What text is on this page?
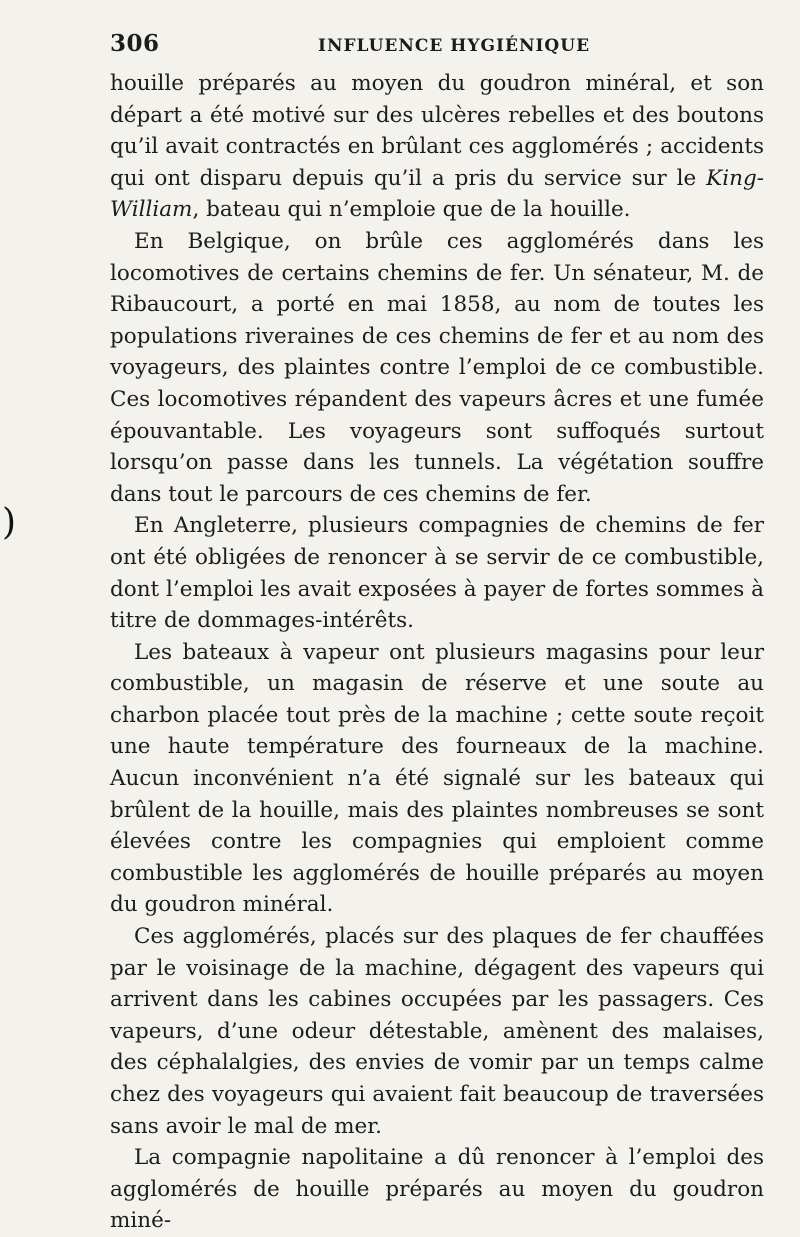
)
306	INFLUENCE HYGIÉNIQUE

houille préparés au moyen du goudron minéral, et son départ a été motivé sur des ulcères rebelles et des boutons qu’il avait contractés en brûlant ces agglomérés ; accidents qui ont disparu depuis qu’il a pris du service sur le King-William, bateau qui n’emploie que de la houille.

En Belgique, on brûle ces agglomérés dans les locomotives de certains chemins de fer. Un sénateur, M. de Ribaucourt, a porté en mai 1858, au nom de toutes les populations riveraines de ces chemins de fer et au nom des voyageurs, des plaintes contre l’emploi de ce combustible. Ces locomotives répandent des vapeurs âcres et une fumée épouvantable. Les voyageurs sont suffoqués surtout lorsqu’on passe dans les tunnels. La végétation souffre dans tout le parcours de ces chemins de fer.

En Angleterre, plusieurs compagnies de chemins de fer ont été obligées de renoncer à se servir de ce combustible, dont l’emploi les avait exposées à payer de fortes sommes à titre de dommages-intérêts.

Les bateaux à vapeur ont plusieurs magasins pour leur combustible, un magasin de réserve et une soute au charbon placée tout près de la machine ; cette soute reçoit une haute température des fourneaux de la machine. Aucun inconvénient n’a été signalé sur les bateaux qui brûlent de la houille, mais des plaintes nombreuses se sont élevées contre les compagnies qui emploient comme combustible les agglomérés de houille préparés au moyen du goudron minéral.

Ces agglomérés, placés sur des plaques de fer chauffées par le voisinage de la machine, dégagent des vapeurs qui arrivent dans les cabines occupées par les passagers. Ces vapeurs, d’une odeur détestable, amènent des malaises, des céphalalgies, des envies de vomir par un temps calme chez des voyageurs qui avaient fait beaucoup de traversées sans avoir le mal de mer.

La compagnie napolitaine a dû renoncer à l’emploi des agglomérés de houille préparés au moyen du goudron miné-
